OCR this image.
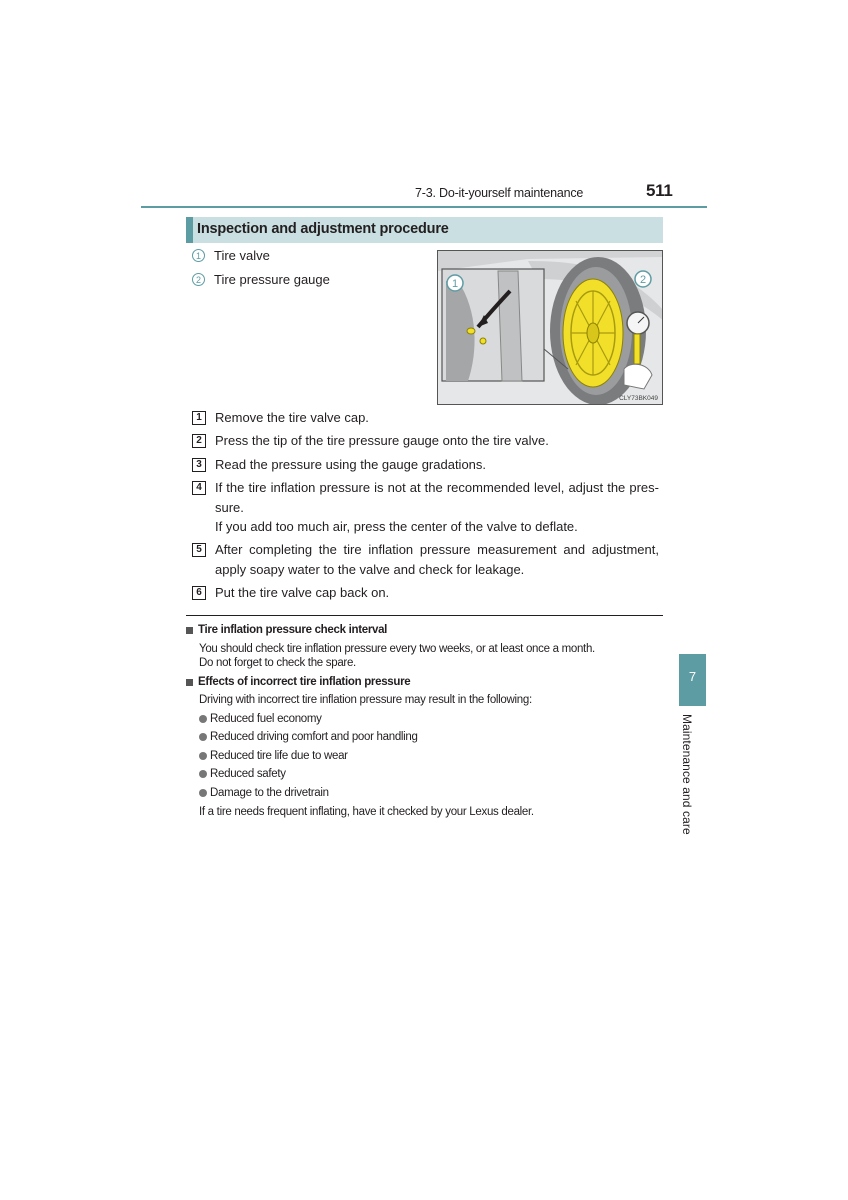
7-3. Do-it-yourself maintenance	511
Inspection and adjustment procedure
1	Tire valve
2	Tire pressure gauge	1	2
CLY73BK049
1	Remove the tire valve cap.
2	Press the tip of the tire pressure gauge onto the tire valve.
3	Read the pressure using the gauge gradations.
4	If the tire inflation pressure is not at the recommended level, adjust the pres-sure.
If you add too much air, press the center of the valve to deflate.
5	After completing the tire inflation pressure measurement and adjustment, apply soapy water to the valve and check for leakage.
6	Put the tire valve cap back on.
Tire inflation pressure check interval
You should check tire inflation pressure every two weeks, or at least once a month.
Do not forget to check the spare.
Effects of incorrect tire inflation pressure
Driving with incorrect tire inflation pressure may result in the following:
Reduced fuel economy
Reduced driving comfort and poor handling
Reduced tire life due to wear
Reduced safety
Damage to the drivetrain
If a tire needs frequent inflating, have it checked by your Lexus dealer.
7
Maintenance and care
